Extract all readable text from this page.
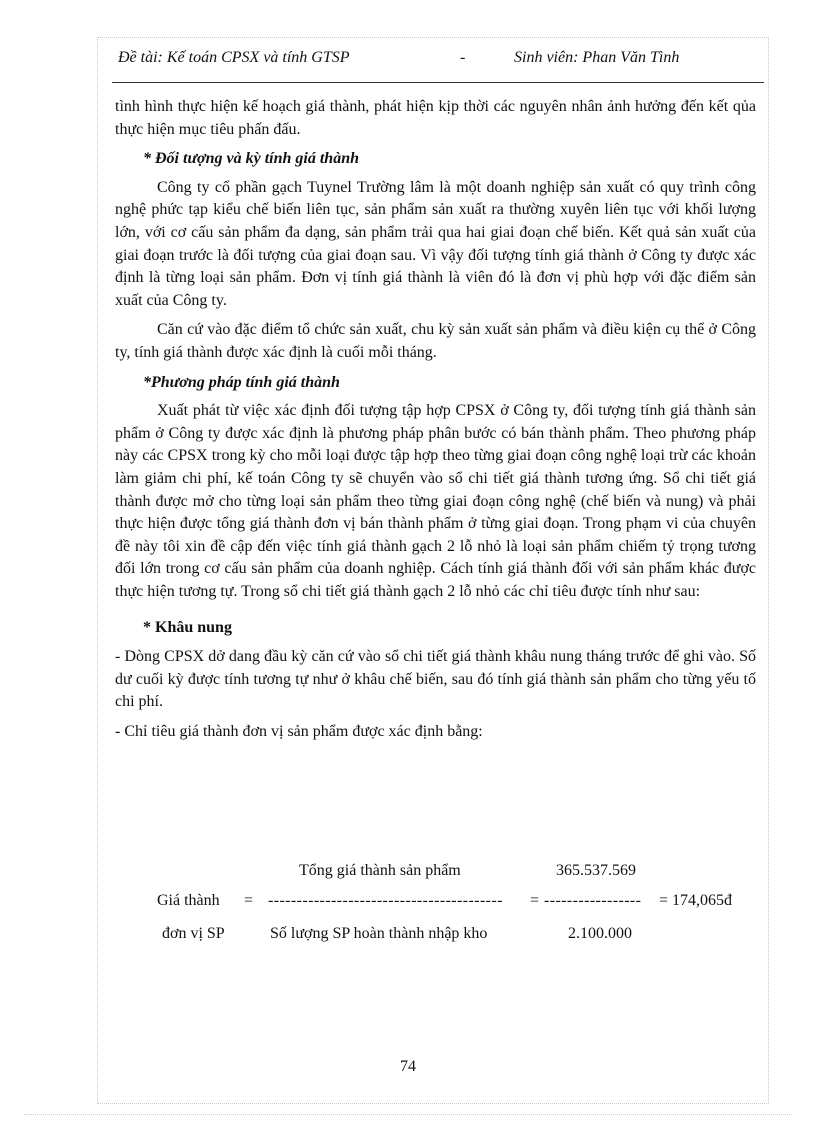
Đề tài: Kế toán CPSX và tính GTSP	-	Sinh viên: Phan Văn Tình

tình hình thực hiện kế hoạch giá thành, phát hiện kịp thời các nguyên nhân ảnh hưởng đến kết qủa thực hiện mục tiêu phấn đấu.

* Đối tượng và kỳ tính giá thành

Công ty cổ phần gạch Tuynel Trường lâm là một doanh nghiệp sản xuất có quy trình công nghệ phức tạp kiểu chế biến liên tục, sản phẩm sản xuất ra thường xuyên liên tục với khối lượng lớn, với cơ cấu sản phẩm đa dạng, sản phẩm trải qua hai giai đoạn chế biến. Kết quả sản xuất của giai đoạn trước là đối tượng của giai đoạn sau. Vì vậy đối tượng tính giá thành ở Công ty được xác định là từng loại sản phẩm. Đơn vị tính giá thành là viên đó là đơn vị phù hợp với đặc điểm sản xuất của Công ty.

Căn cứ vào đặc điểm tổ chức sản xuất, chu kỳ sản xuất sản phẩm và điều kiện cụ thể ở Công ty, tính giá thành được xác định là cuối mỗi tháng.

*Phương pháp tính giá thành

Xuất phát từ việc xác định đối tượng tập hợp CPSX ở Công ty, đối tượng tính giá thành sản phẩm ở Công ty được xác định là phương pháp phân bước có bán thành phẩm. Theo phương pháp này các CPSX trong kỳ cho mỗi loại được tập hợp theo từng giai đoạn công nghệ loại trừ các khoản làm giảm chi phí, kế toán Công ty sẽ chuyển vào sổ chi tiết giá thành tương ứng. Sổ chi tiết giá thành được mở cho từng loại sản phẩm theo từng giai đoạn công nghệ (chế biến và nung) và phải thực hiện được tổng giá thành đơn vị bán thành phẩm ở từng giai đoạn. Trong phạm vi của chuyên đề này tôi xin đề cập đến việc tính giá thành gạch 2 lỗ nhỏ là loại sản phẩm chiếm tỷ trọng tương đối lớn trong cơ cấu sản phẩm của doanh nghiệp. Cách tính giá thành đối với sản phẩm khác được thực hiện tương tự. Trong sổ chi tiết giá thành gạch 2 lỗ nhỏ các chỉ tiêu được tính như sau:

* Khâu nung

- Dòng CPSX dở dang đầu kỳ căn cứ vào sổ chi tiết giá thành khâu nung tháng trước để ghi vào. Số dư cuối kỳ được tính tương tự như ở khâu chế biến, sau đó tính giá thành sản phẩm cho từng yếu tố chi phí.

- Chỉ tiêu giá thành đơn vị sản phẩm được xác định bằng:

Tổng giá thành sản phẩm	365.537.569
Giá thành = ----------------------------------------- = ----------------- = 174,065đ
đơn vị SP	Số lượng SP hoàn thành nhập kho	2.100.000
74
